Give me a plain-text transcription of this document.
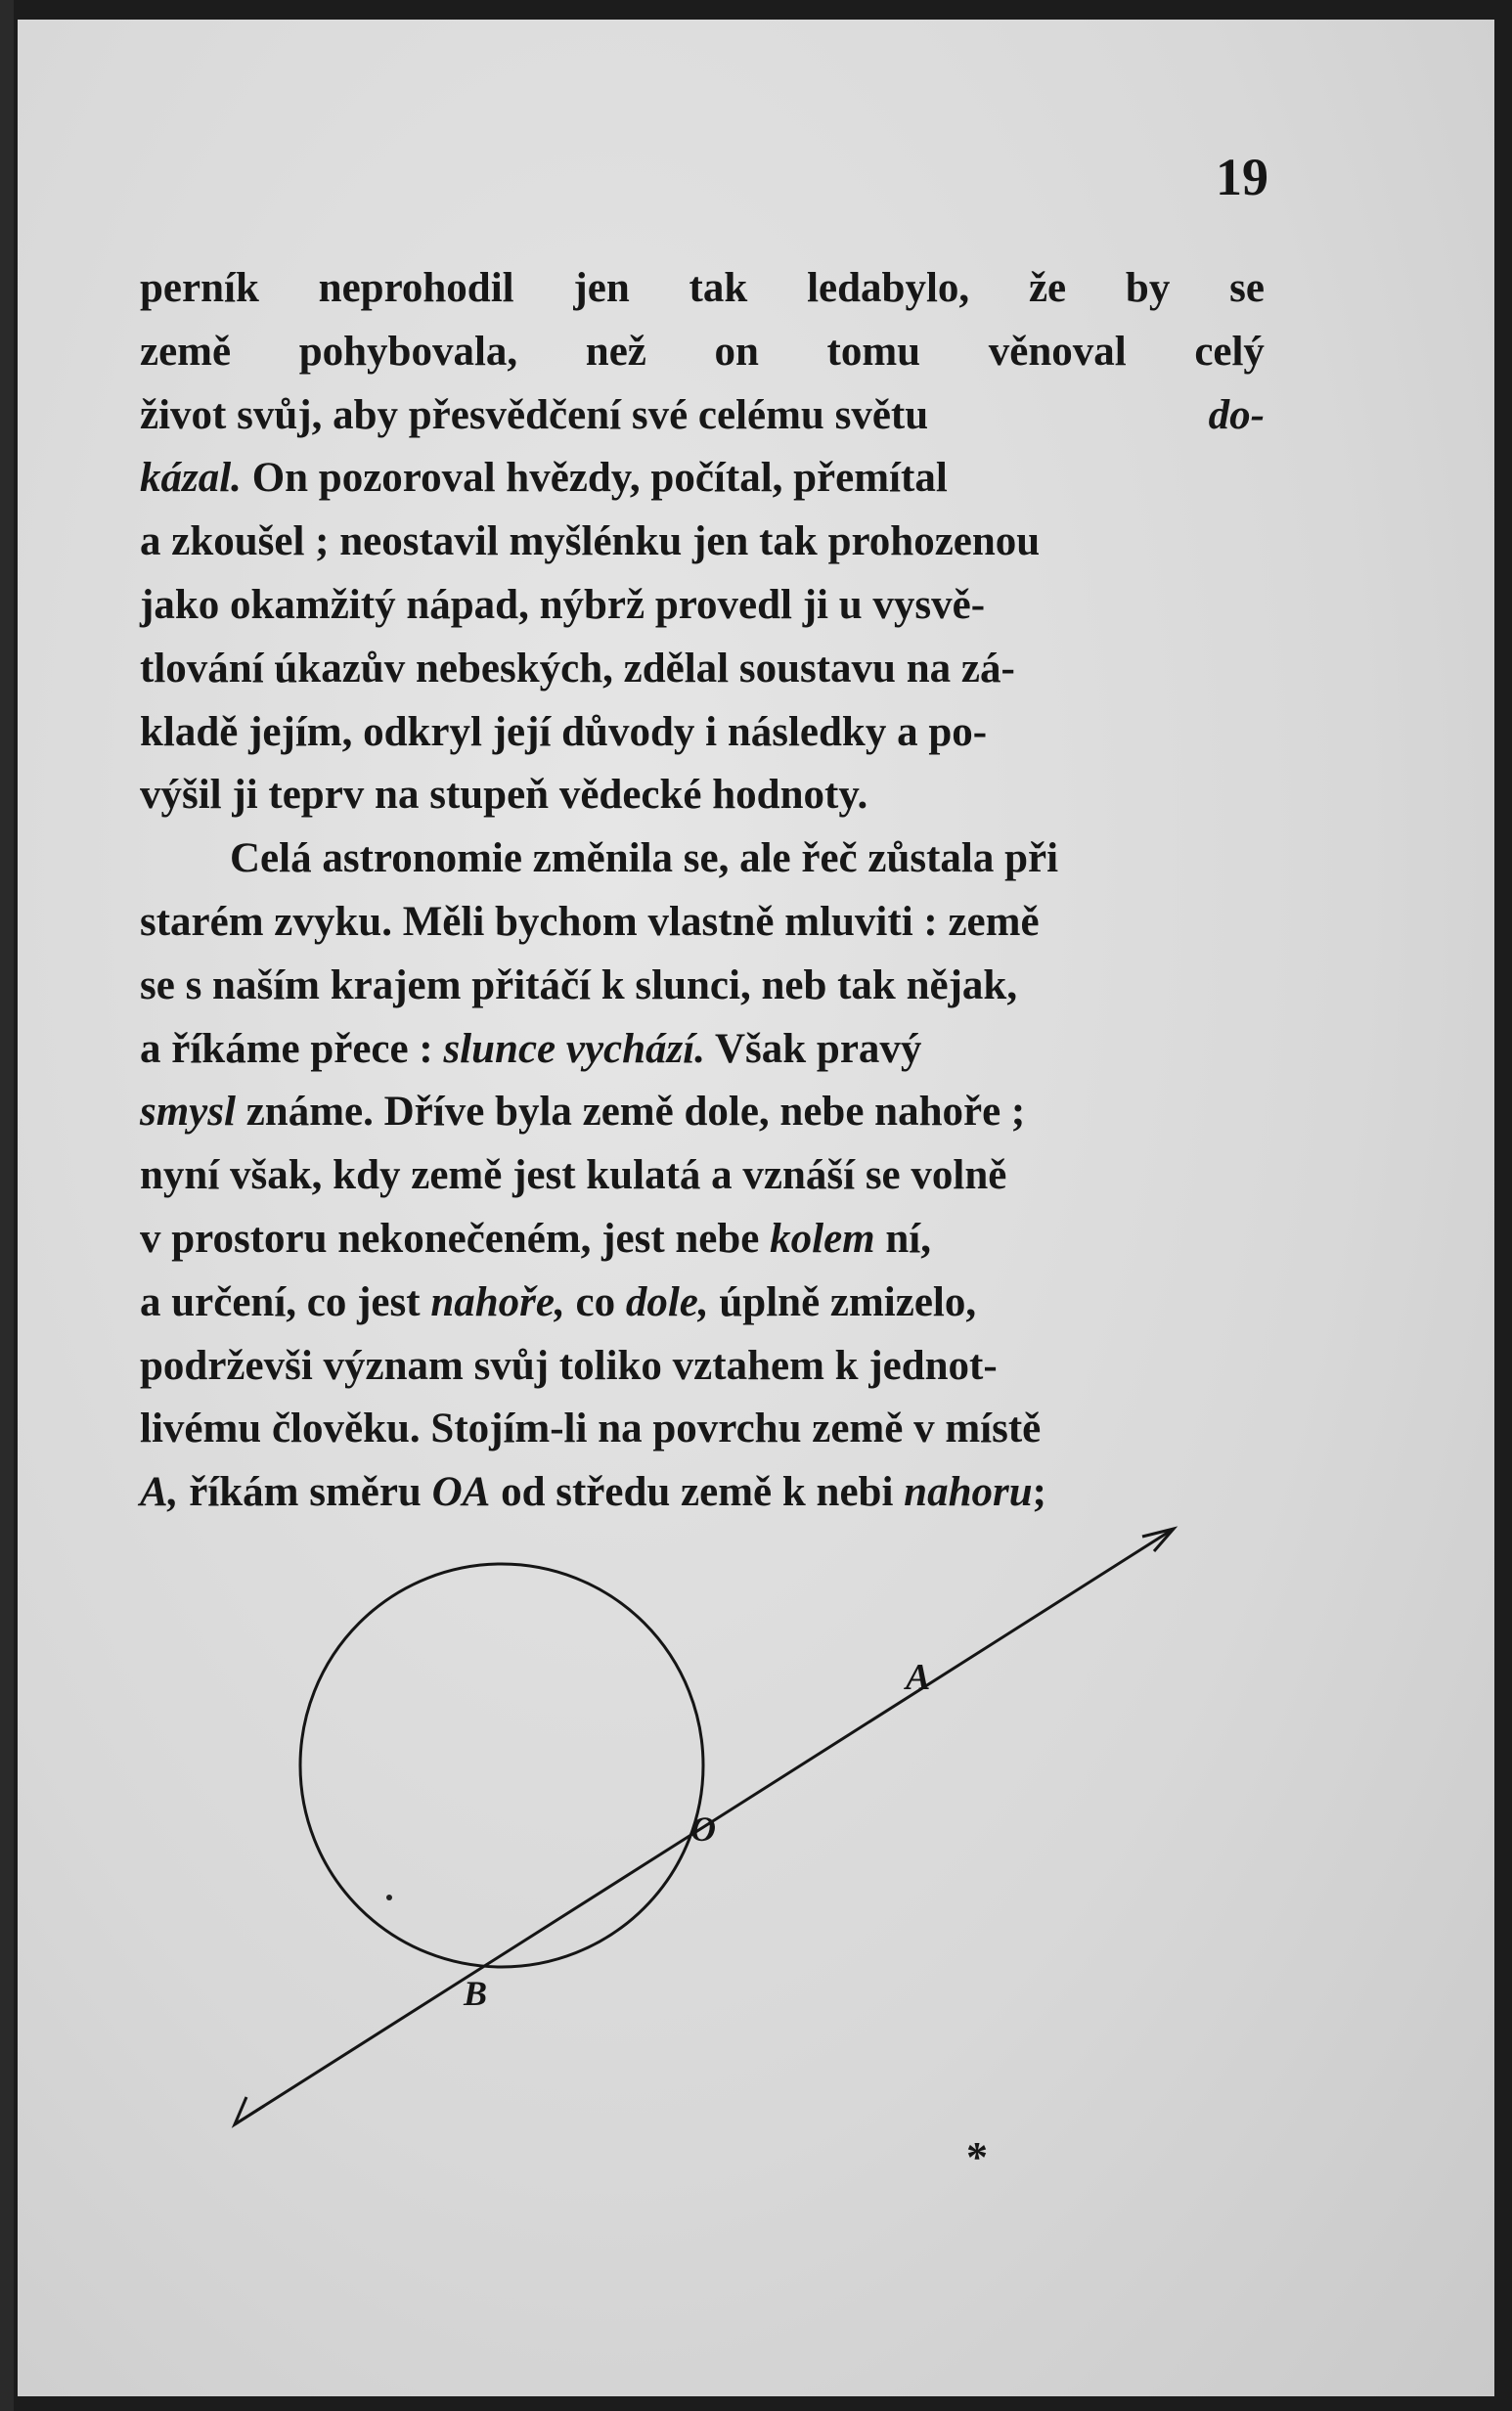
19
perník neprohodil jen tak ledabylo, že by se
země pohybovala, než on tomu věnoval celý
život svůj, aby přesvědčení své celému světu	do-
kázal. On pozoroval hvězdy, počítal, přemítal
a zkoušel ; neostavil myšlénku jen tak prohozenou
jako okamžitý nápad, nýbrž provedl ji u vysvě-
tlování úkazův nebeských, zdělal soustavu na zá-
kladě jejím, odkryl její důvody i následky a po-
výšil ji teprv na stupeň vědecké hodnoty.
Celá astronomie změnila se, ale řeč zůstala při
starém zvyku. Měli bychom vlastně mluviti : země
se s naším krajem přitáčí k slunci, neb tak nějak,
a říkáme přece : slunce vychází. Však pravý
smysl známe. Dříve byla země dole, nebe nahoře ;
nyní však, kdy země jest kulatá a vznáší se volně
v prostoru nekonečeném, jest nebe kolem ní,
a určení, co jest nahoře, co dole, úplně zmizelo,
podrževši význam svůj toliko vztahem k jednot-
livému člověku. Stojím-li na povrchu země v místě
A, říkám směru OA od středu země k nebi nahoru ;
A
O
B
*
